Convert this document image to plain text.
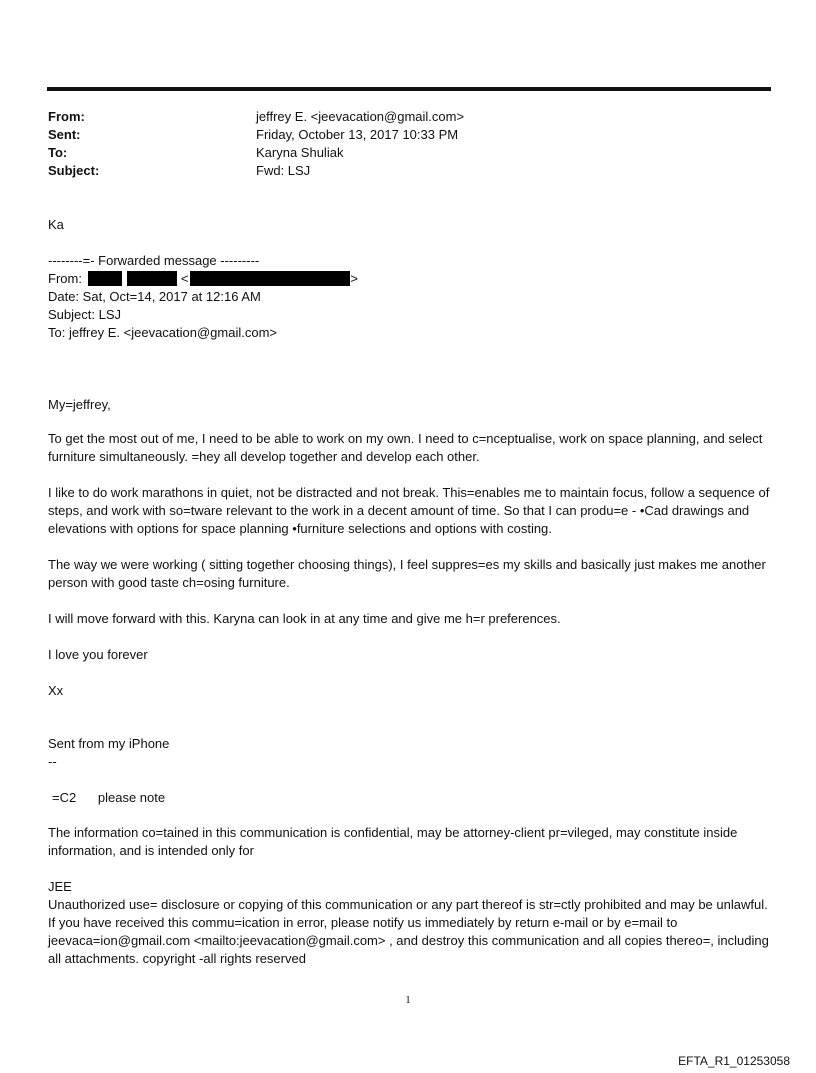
From:	jeffrey E. <jeevacation@gmail.com>
Sent:	Friday, October 13, 2017 10:33 PM
To:	Karyna Shuliak
Subject:	Fwd: LSJ
Ka
--------=- Forwarded message ---------
From:	<	>
Date: Sat, Oct=14, 2017 at 12:16 AM
Subject: LSJ
To: jeffrey E. <jeevacation@gmail.com>
My=jeffrey,
To get the most out of me, I need to be able to work on my own. I need to c=nceptualise, work on space planning, and select furniture simultaneously. =hey all develop together and develop each other.
I like to do work marathons in quiet, not be distracted and not break. This=enables me to maintain focus, follow a sequence of steps, and work with so=tware relevant to the work in a decent amount of time. So that I can produ=e - •Cad drawings and elevations with options for space planning •furniture selections and options with costing.
The way we were working ( sitting together choosing things), I feel suppres=es my skills and basically just makes me another person with good taste ch=osing furniture.
I will move forward with this. Karyna can look in at any time and give me h=r preferences.
I love you forever
Xx
Sent from my iPhone
--
=C2      please note
The information co=tained in this communication is confidential, may be attorney-client pr=vileged, may constitute inside information, and is intended only for
JEE
Unauthorized use= disclosure or copying of this communication or any part thereof is str=ctly prohibited and may be unlawful. If you have received this commu=ication in error, please notify us immediately by return e-mail or by e=mail to jeevaca=ion@gmail.com <mailto:jeevacation@gmail.com> , and destroy this communication and all copies thereo=, including all attachments. copyright -all rights reserved
1
EFTA_R1_01253058
